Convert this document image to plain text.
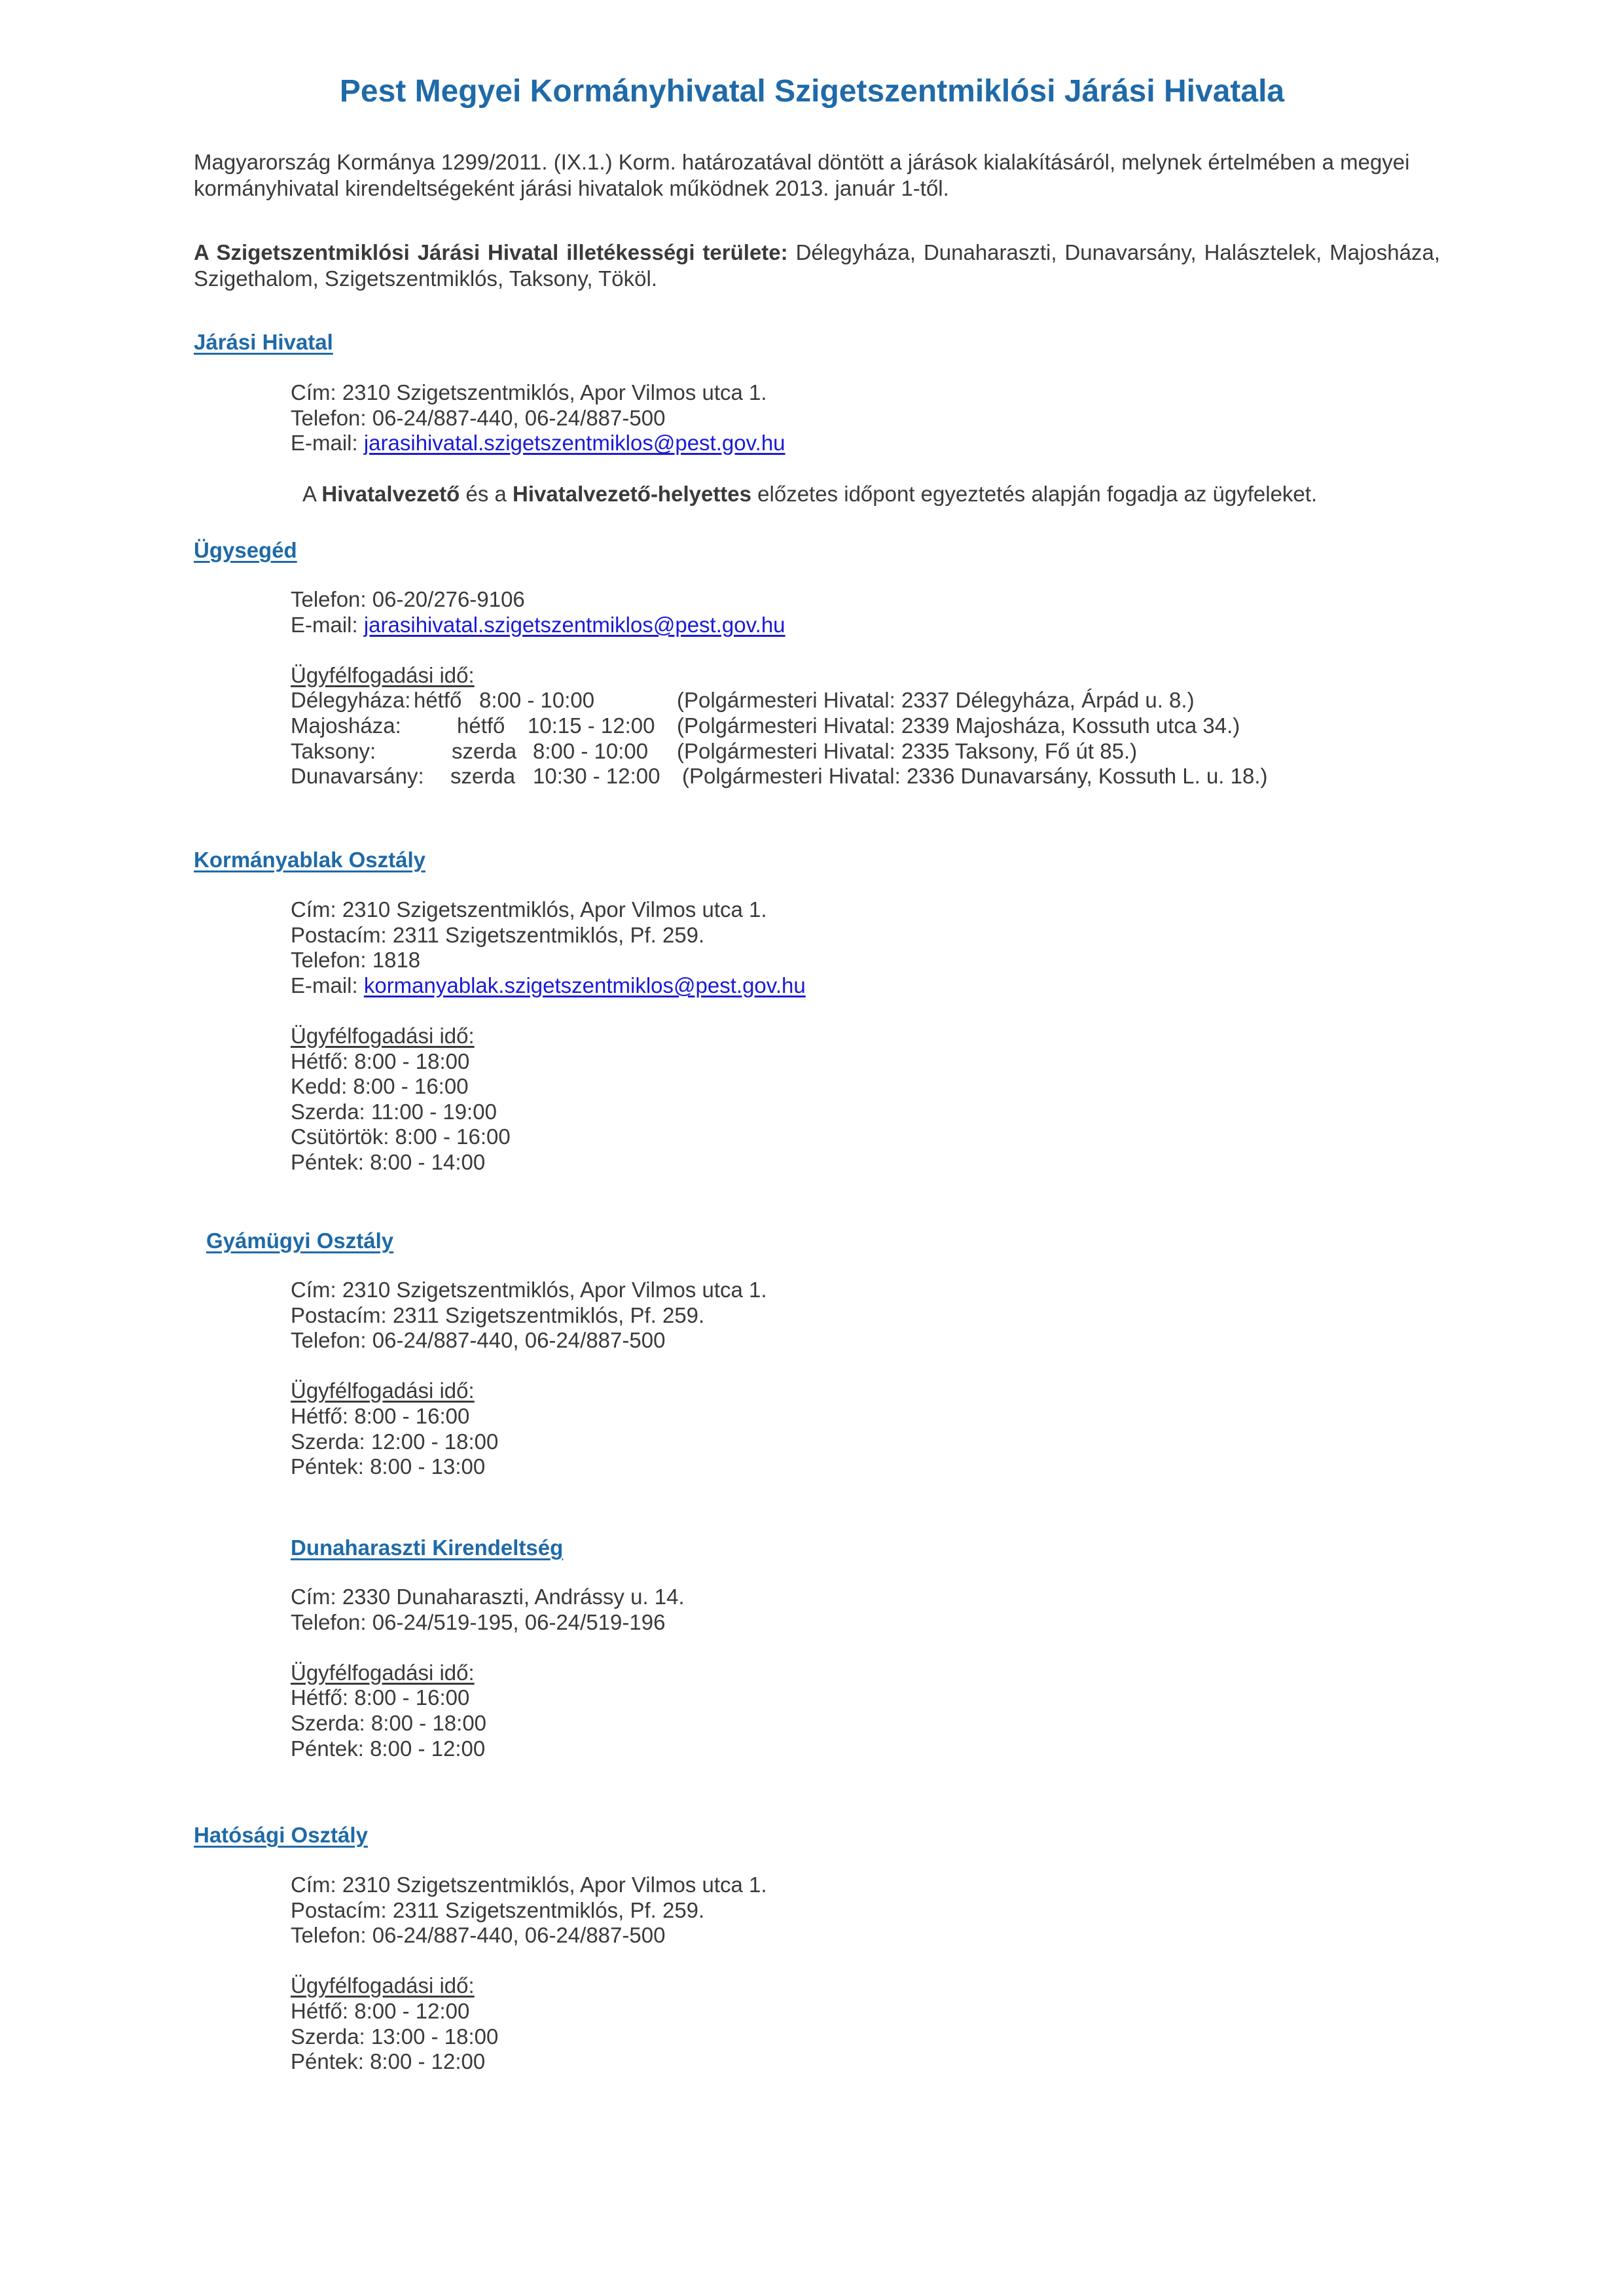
Pest Megyei Kormányhivatal Szigetszentmiklósi Járási Hivatala
Magyarország Kormánya 1299/2011. (IX.1.) Korm. határozatával döntött a járások kialakításáról, melynek értelmében a megyei kormányhivatal kirendeltségeként járási hivatalok működnek 2013. január 1-től.
A Szigetszentmiklósi Járási Hivatal illetékességi területe: Délegyháza, Dunaharaszti, Dunavarsány, Halásztelek, Majosháza, Szigethalom, Szigetszentmiklós, Taksony, Tököl.
Járási Hivatal
Cím: 2310 Szigetszentmiklós, Apor Vilmos utca 1.
Telefon: 06-24/887-440, 06-24/887-500
E-mail: jarasihivatal.szigetszentmiklos@pest.gov.hu
A Hivatalvezető és a Hivatalvezető-helyettes előzetes időpont egyeztetés alapján fogadja az ügyfeleket.
Ügysegéd
Telefon: 06-20/276-9106
E-mail: jarasihivatal.szigetszentmiklos@pest.gov.hu
Ügyfélfogadási idő:
Délegyháza: hétfő 8:00 - 10:00	(Polgármesteri Hivatal: 2337 Délegyháza, Árpád u. 8.)
Majosháza:	hétfő 10:15 - 12:00 (Polgármesteri Hivatal: 2339 Majosháza, Kossuth utca 34.)
Taksony:	szerda 8:00 - 10:00 (Polgármesteri Hivatal: 2335 Taksony, Fő út 85.)
Dunavarsány: szerda 10:30 - 12:00 (Polgármesteri Hivatal: 2336 Dunavarsány, Kossuth L. u. 18.)
Kormányablak Osztály
Cím: 2310 Szigetszentmiklós, Apor Vilmos utca 1.
Postacím: 2311 Szigetszentmiklós, Pf. 259.
Telefon: 1818
E-mail: kormanyablak.szigetszentmiklos@pest.gov.hu
Ügyfélfogadási idő:
Hétfő: 8:00 - 18:00
Kedd: 8:00 - 16:00
Szerda: 11:00 - 19:00
Csütörtök: 8:00 - 16:00
Péntek: 8:00 - 14:00
Gyámügyi Osztály
Cím: 2310 Szigetszentmiklós, Apor Vilmos utca 1.
Postacím: 2311 Szigetszentmiklós, Pf. 259.
Telefon: 06-24/887-440, 06-24/887-500
Ügyfélfogadási idő:
Hétfő: 8:00 - 16:00
Szerda: 12:00 - 18:00
Péntek: 8:00 - 13:00
Dunaharaszti Kirendeltség
Cím: 2330 Dunaharaszti, Andrássy u. 14.
Telefon: 06-24/519-195, 06-24/519-196
Ügyfélfogadási idő:
Hétfő: 8:00 - 16:00
Szerda: 8:00 - 18:00
Péntek: 8:00 - 12:00
Hatósági Osztály
Cím: 2310 Szigetszentmiklós, Apor Vilmos utca 1.
Postacím: 2311 Szigetszentmiklós, Pf. 259.
Telefon: 06-24/887-440, 06-24/887-500
Ügyfélfogadási idő:
Hétfő: 8:00 - 12:00
Szerda: 13:00 - 18:00
Péntek: 8:00 - 12:00
